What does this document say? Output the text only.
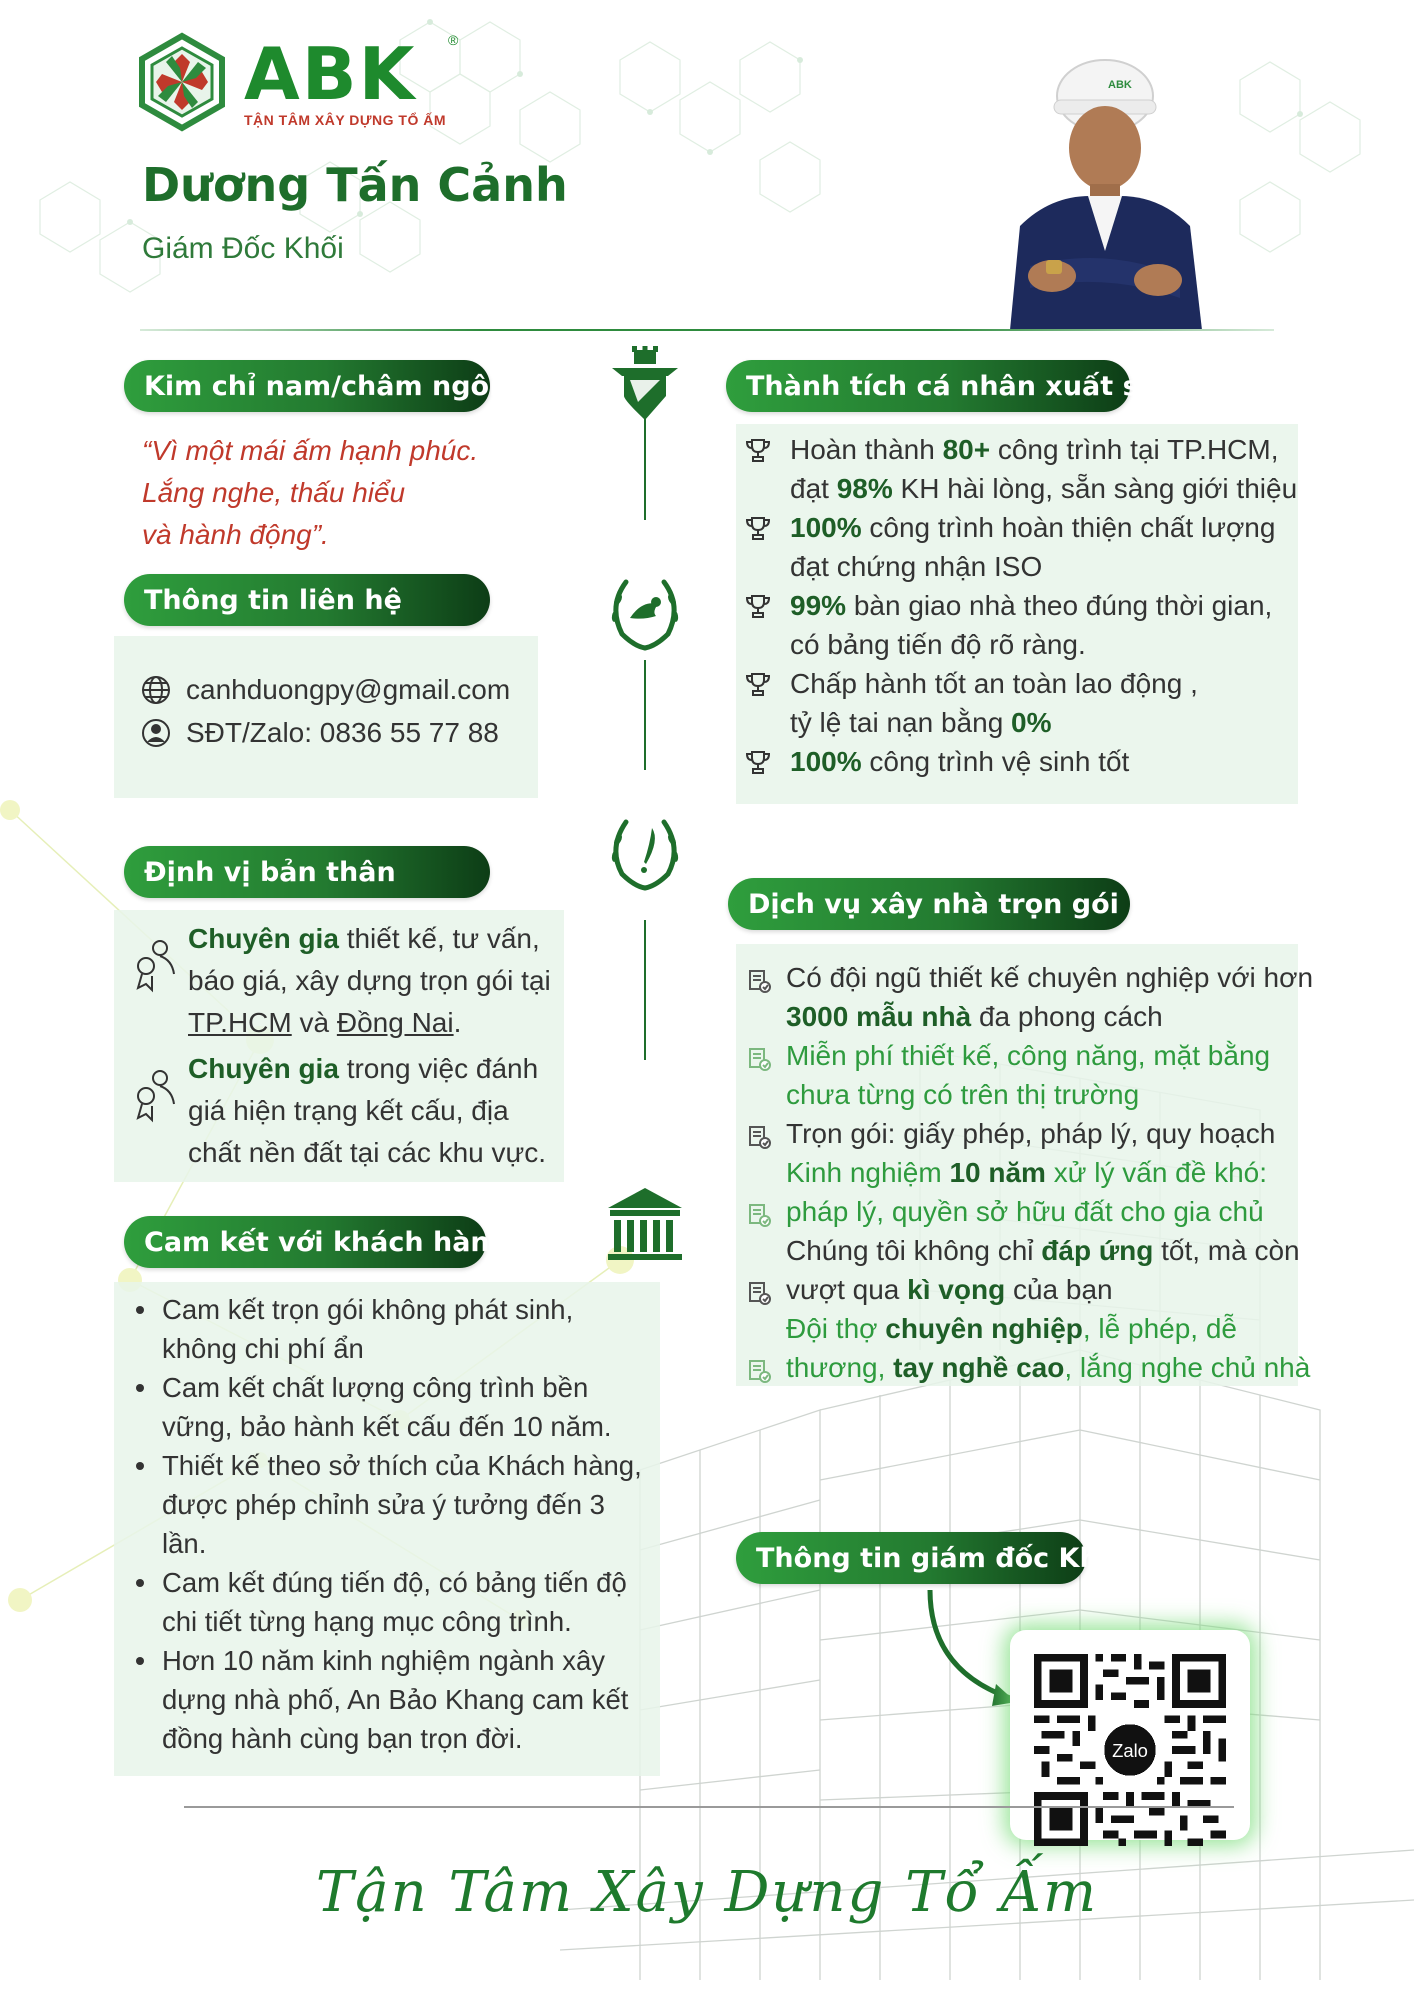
ABK ®
TẬN TÂM XÂY DỰNG TỔ ẤM
Dương Tấn Cảnh
Giám Đốc Khối
ABK
Kim chỉ nam/châm ngôn
“Vì một mái ấm hạnh phúc.
Lắng nghe, thấu hiểu
và hành động”.
Thông tin liên hệ
canhduongpy@gmail.com
SĐT/Zalo: 0836 55 77 88
Định vị bản thân
Chuyên gia thiết kế, tư vấn, báo giá, xây dựng trọn gói tại TP.HCM và Đồng Nai.
Chuyên gia trong việc đánh giá hiện trạng kết cấu, địa chất nền đất tại các khu vực.
Cam kết với khách hàng
Cam kết trọn gói không phát sinh, không chi phí ẩn
Cam kết chất lượng công trình bền vững, bảo hành kết cấu đến 10 năm.
Thiết kế theo sở thích của Khách hàng, được phép chỉnh sửa ý tưởng đến 3 lần.
Cam kết đúng tiến độ, có bảng tiến độ chi tiết từng hạng mục công trình.
Hơn 10 năm kinh nghiệm ngành xây dựng nhà phố, An Bảo Khang cam kết đồng hành cùng bạn trọn đời.
Thành tích cá nhân xuất sắc
Hoàn thành 80+ công trình tại TP.HCM,
đạt 98% KH hài lòng, sẵn sàng giới thiệu
100% công trình hoàn thiện chất lượng
đạt chứng nhận ISO
99% bàn giao nhà theo đúng thời gian,
có bảng tiến độ rõ ràng.
Chấp hành tốt an toàn lao động ,
tỷ lệ tai nạn bằng 0%
100% công trình vệ sinh tốt
Dịch vụ xây nhà trọn gói
Có đội ngũ thiết kế chuyên nghiệp với hơn
3000 mẫu nhà đa phong cách
Miễn phí thiết kế, công năng, mặt bằng
chưa từng có trên thị trường
Trọn gói: giấy phép, pháp lý, quy hoạch
Kinh nghiệm 10 năm xử lý vấn đề khó:
pháp lý, quyền sở hữu đất cho gia chủ
Chúng tôi không chỉ đáp ứng tốt, mà còn
vượt qua kì vọng của bạn
Đội thợ chuyên nghiệp, lễ phép, dễ
thương, tay nghề cao, lắng nghe chủ nhà
Thông tin giám đốc Khối
Zalo
Tận Tâm Xây Dựng Tổ Ấm
